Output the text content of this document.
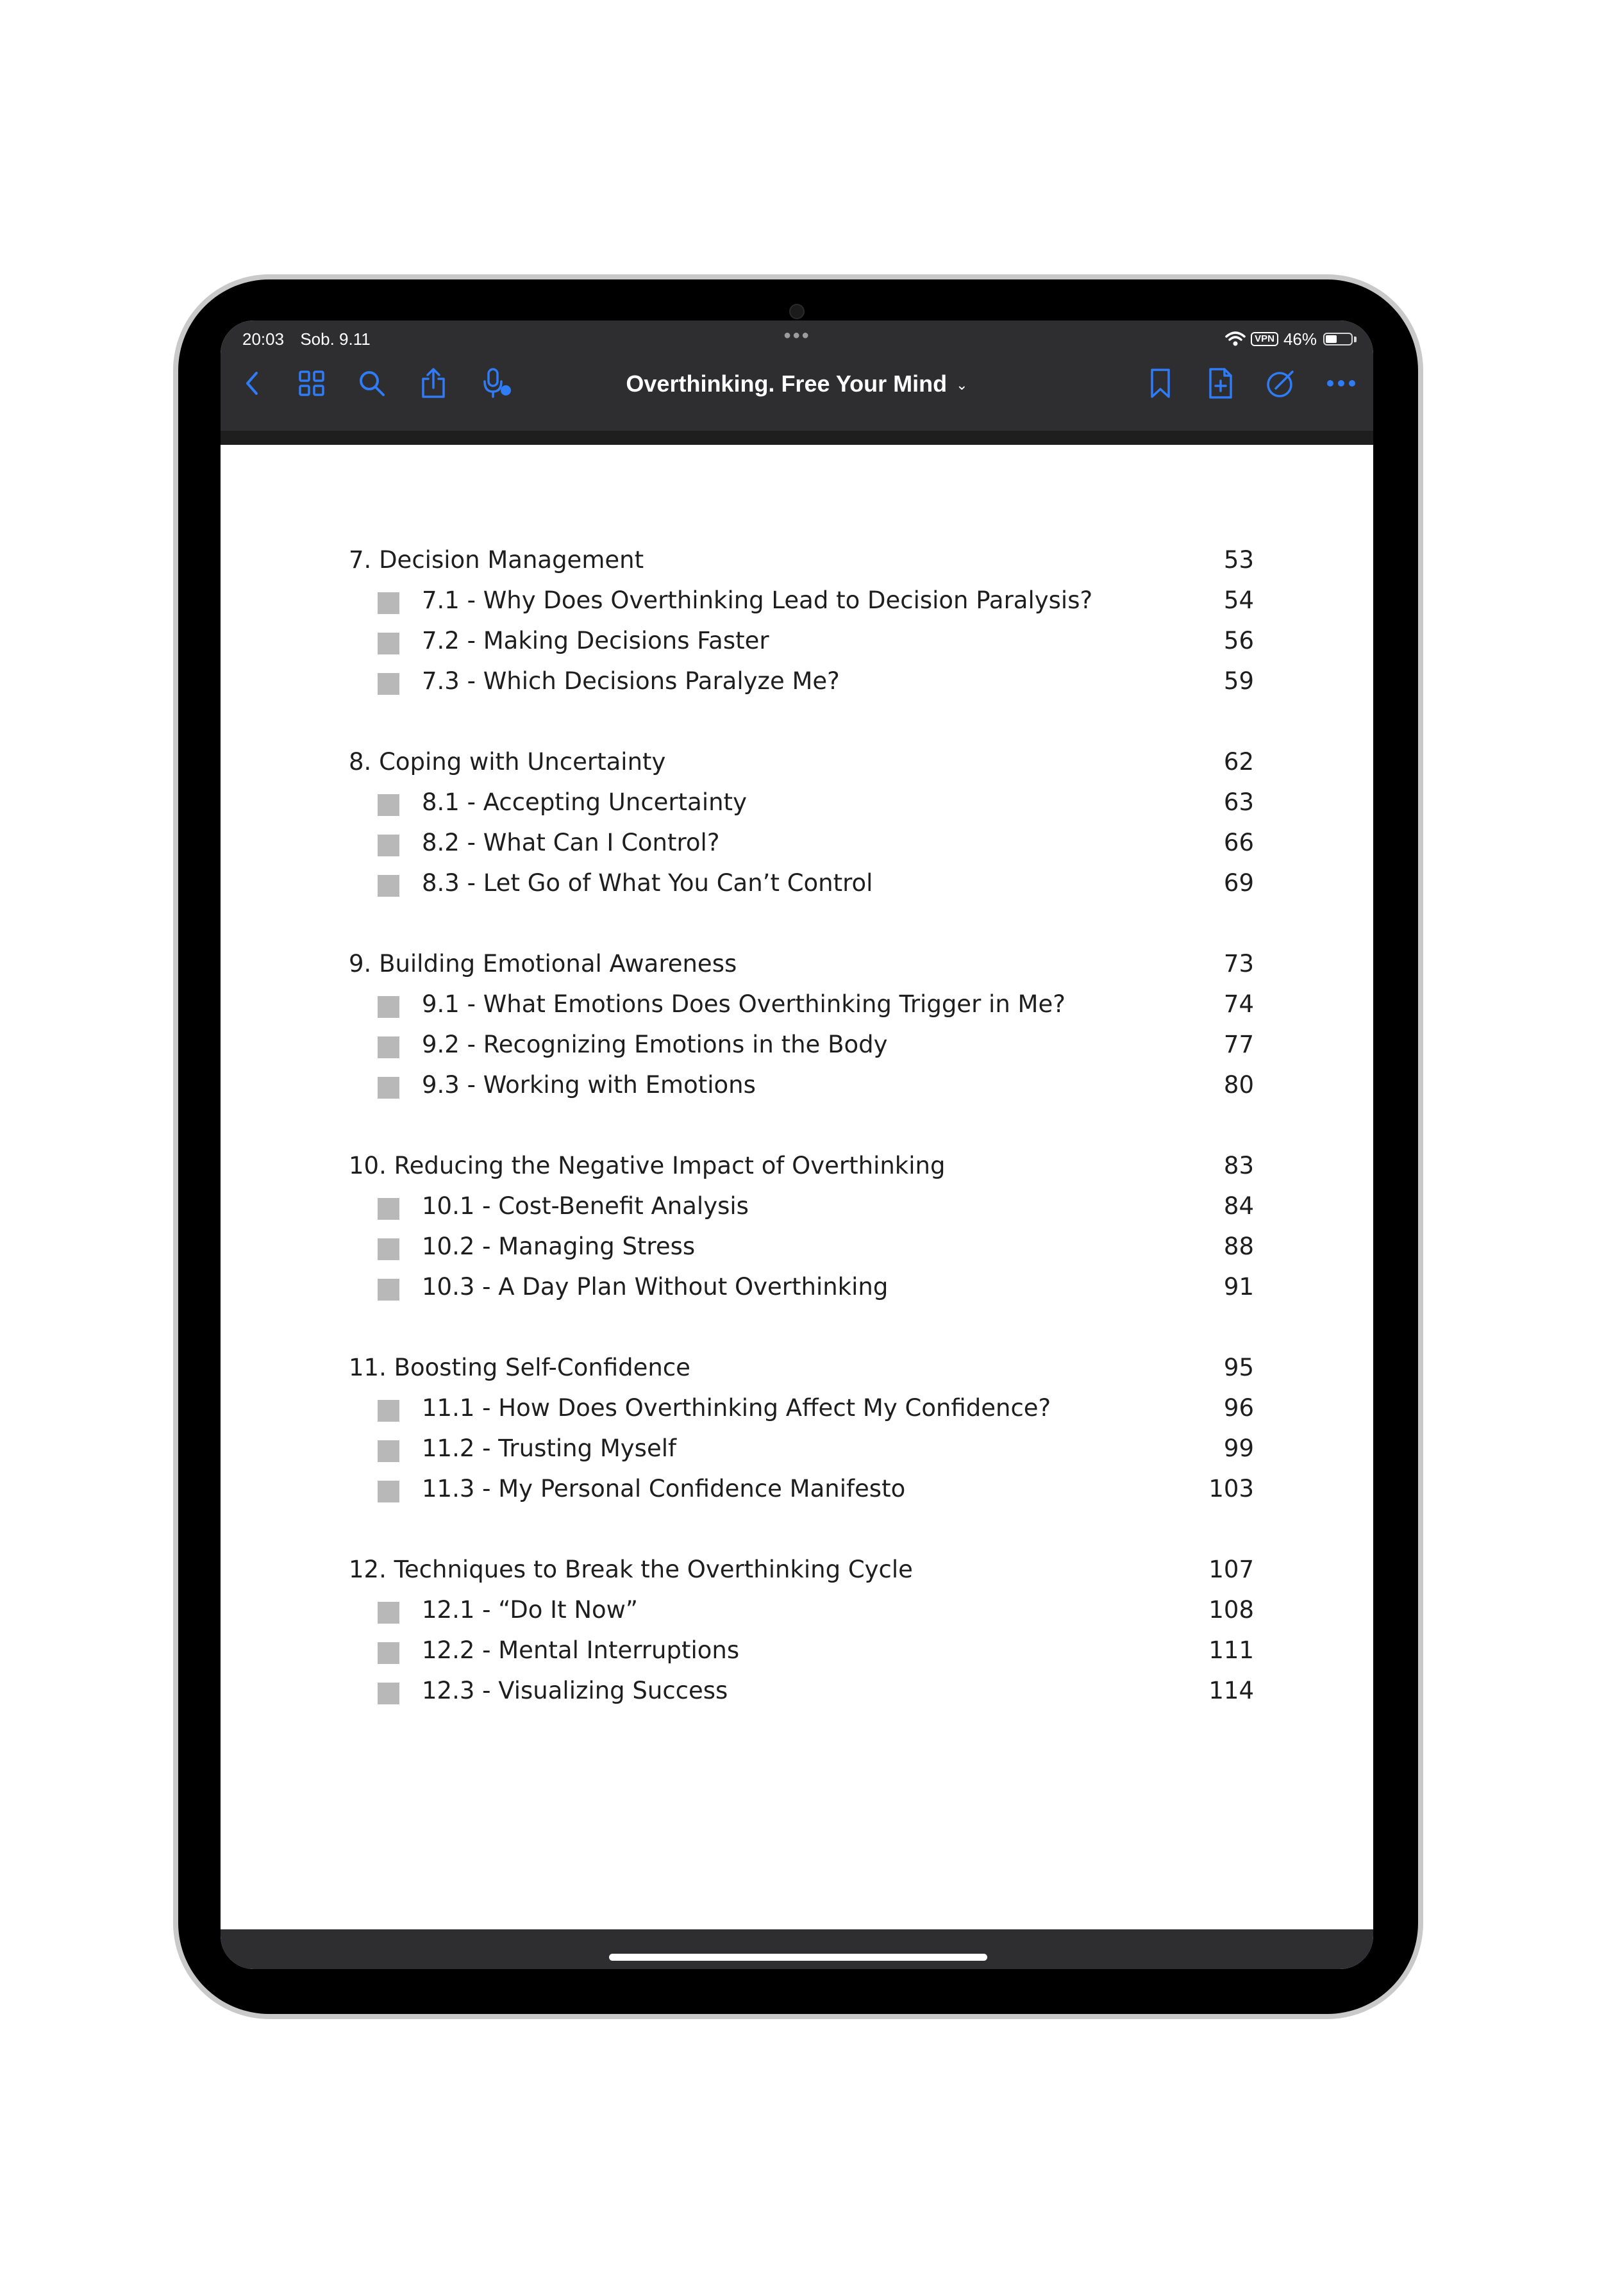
20:03 Sob. 9.11	●●●	VPN 46%
Overthinking. Free Your Mind ⌄
7. Decision Management	53
7.1 - Why Does Overthinking Lead to Decision Paralysis?	54
7.2 - Making Decisions Faster	56
7.3 - Which Decisions Paralyze Me?	59
8. Coping with Uncertainty	62
8.1 - Accepting Uncertainty	63
8.2 - What Can I Control?	66
8.3 - Let Go of What You Can’t Control	69
9. Building Emotional Awareness	73
9.1 - What Emotions Does Overthinking Trigger in Me?	74
9.2 - Recognizing Emotions in the Body	77
9.3 - Working with Emotions	80
10. Reducing the Negative Impact of Overthinking	83
10.1 - Cost-Benefit Analysis	84
10.2 - Managing Stress	88
10.3 - A Day Plan Without Overthinking	91
11. Boosting Self-Confidence	95
11.1 - How Does Overthinking Affect My Confidence?	96
11.2 - Trusting Myself	99
11.3 - My Personal Confidence Manifesto	103
12. Techniques to Break the Overthinking Cycle	107
12.1 - “Do It Now”	108
12.2 - Mental Interruptions	111
12.3 - Visualizing Success	114
